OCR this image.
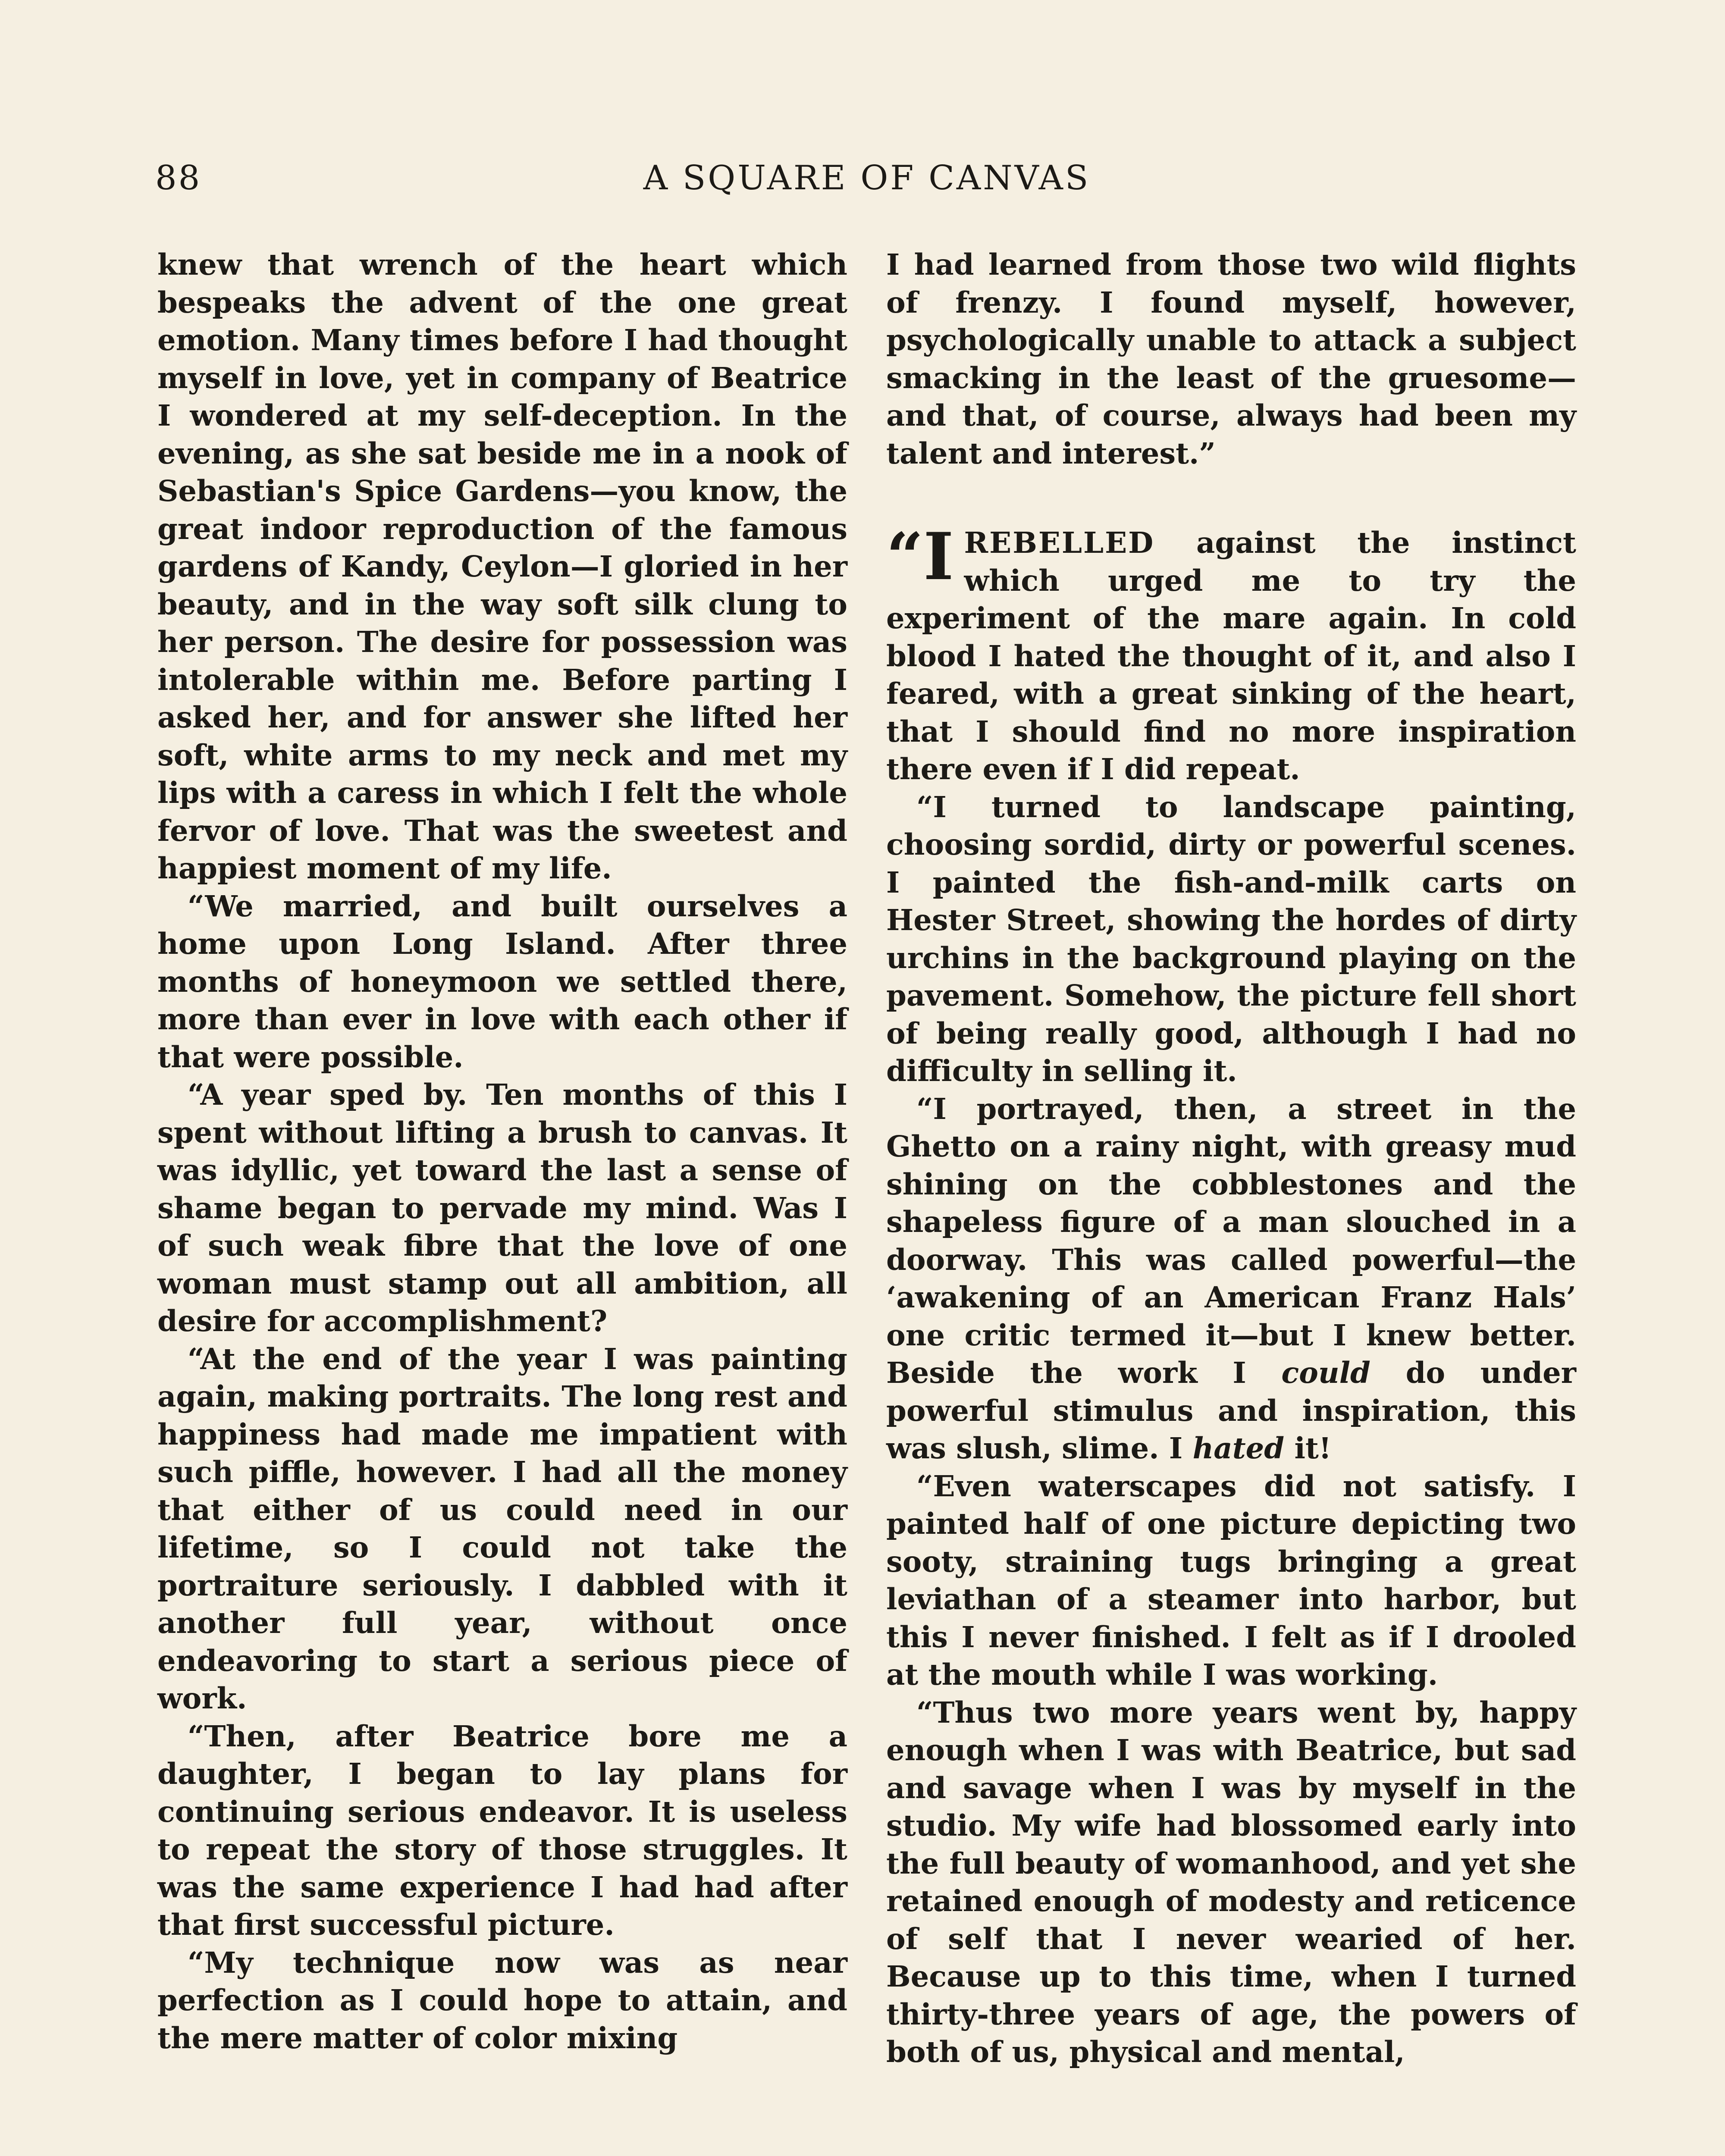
88	A SQUARE OF CANVAS

knew that wrench of the heart which bespeaks the advent of the one great emotion. Many times before I had thought myself in love, yet in company of Beatrice I wondered at my self-deception. In the evening, as she sat beside me in a nook of Sebastian's Spice Gardens—you know, the great indoor reproduction of the famous gardens of Kandy, Ceylon—I gloried in her beauty, and in the way soft silk clung to her person. The desire for possession was intolerable within me. Before parting I asked her, and for answer she lifted her soft, white arms to my neck and met my lips with a caress in which I felt the whole fervor of love. That was the sweetest and happiest moment of my life.

“We married, and built ourselves a home upon Long Island. After three months of honeymoon we settled there, more than ever in love with each other if that were possible.

“A year sped by. Ten months of this I spent without lifting a brush to canvas. It was idyllic, yet toward the last a sense of shame began to pervade my mind. Was I of such weak fibre that the love of one woman must stamp out all ambition, all desire for accomplishment?

“At the end of the year I was painting again, making portraits. The long rest and happiness had made me impatient with such piffle, however. I had all the money that either of us could need in our lifetime, so I could not take the portraiture seriously. I dabbled with it another full year, without once endeavoring to start a serious piece of work.

“Then, after Beatrice bore me a daughter, I began to lay plans for continuing serious endeavor. It is useless to repeat the story of those struggles. It was the same experience I had had after that first successful picture.

“My technique now was as near perfection as I could hope to attain, and the mere matter of color mixing

I had learned from those two wild flights of frenzy. I found myself, however, psychologically unable to attack a subject smacking in the least of the gruesome—and that, of course, always had been my talent and interest.”

“I REBELLED against the instinct which urged me to try the experiment of the mare again. In cold blood I hated the thought of it, and also I feared, with a great sinking of the heart, that I should find no more inspiration there even if I did repeat.

“I turned to landscape painting, choosing sordid, dirty or powerful scenes. I painted the fish-and-milk carts on Hester Street, showing the hordes of dirty urchins in the background playing on the pavement. Somehow, the picture fell short of being really good, although I had no difficulty in selling it.

“I portrayed, then, a street in the Ghetto on a rainy night, with greasy mud shining on the cobblestones and the shapeless figure of a man slouched in a doorway. This was called powerful—the ‘awakening of an American Franz Hals’ one critic termed it—but I knew better. Beside the work I could do under powerful stimulus and inspiration, this was slush, slime. I hated it!

“Even waterscapes did not satisfy. I painted half of one picture depicting two sooty, straining tugs bringing a great leviathan of a steamer into harbor, but this I never finished. I felt as if I drooled at the mouth while I was working.

“Thus two more years went by, happy enough when I was with Beatrice, but sad and savage when I was by myself in the studio. My wife had blossomed early into the full beauty of womanhood, and yet she retained enough of modesty and reticence of self that I never wearied of her. Because up to this time, when I turned thirty-three years of age, the powers of both of us, physical and mental,
